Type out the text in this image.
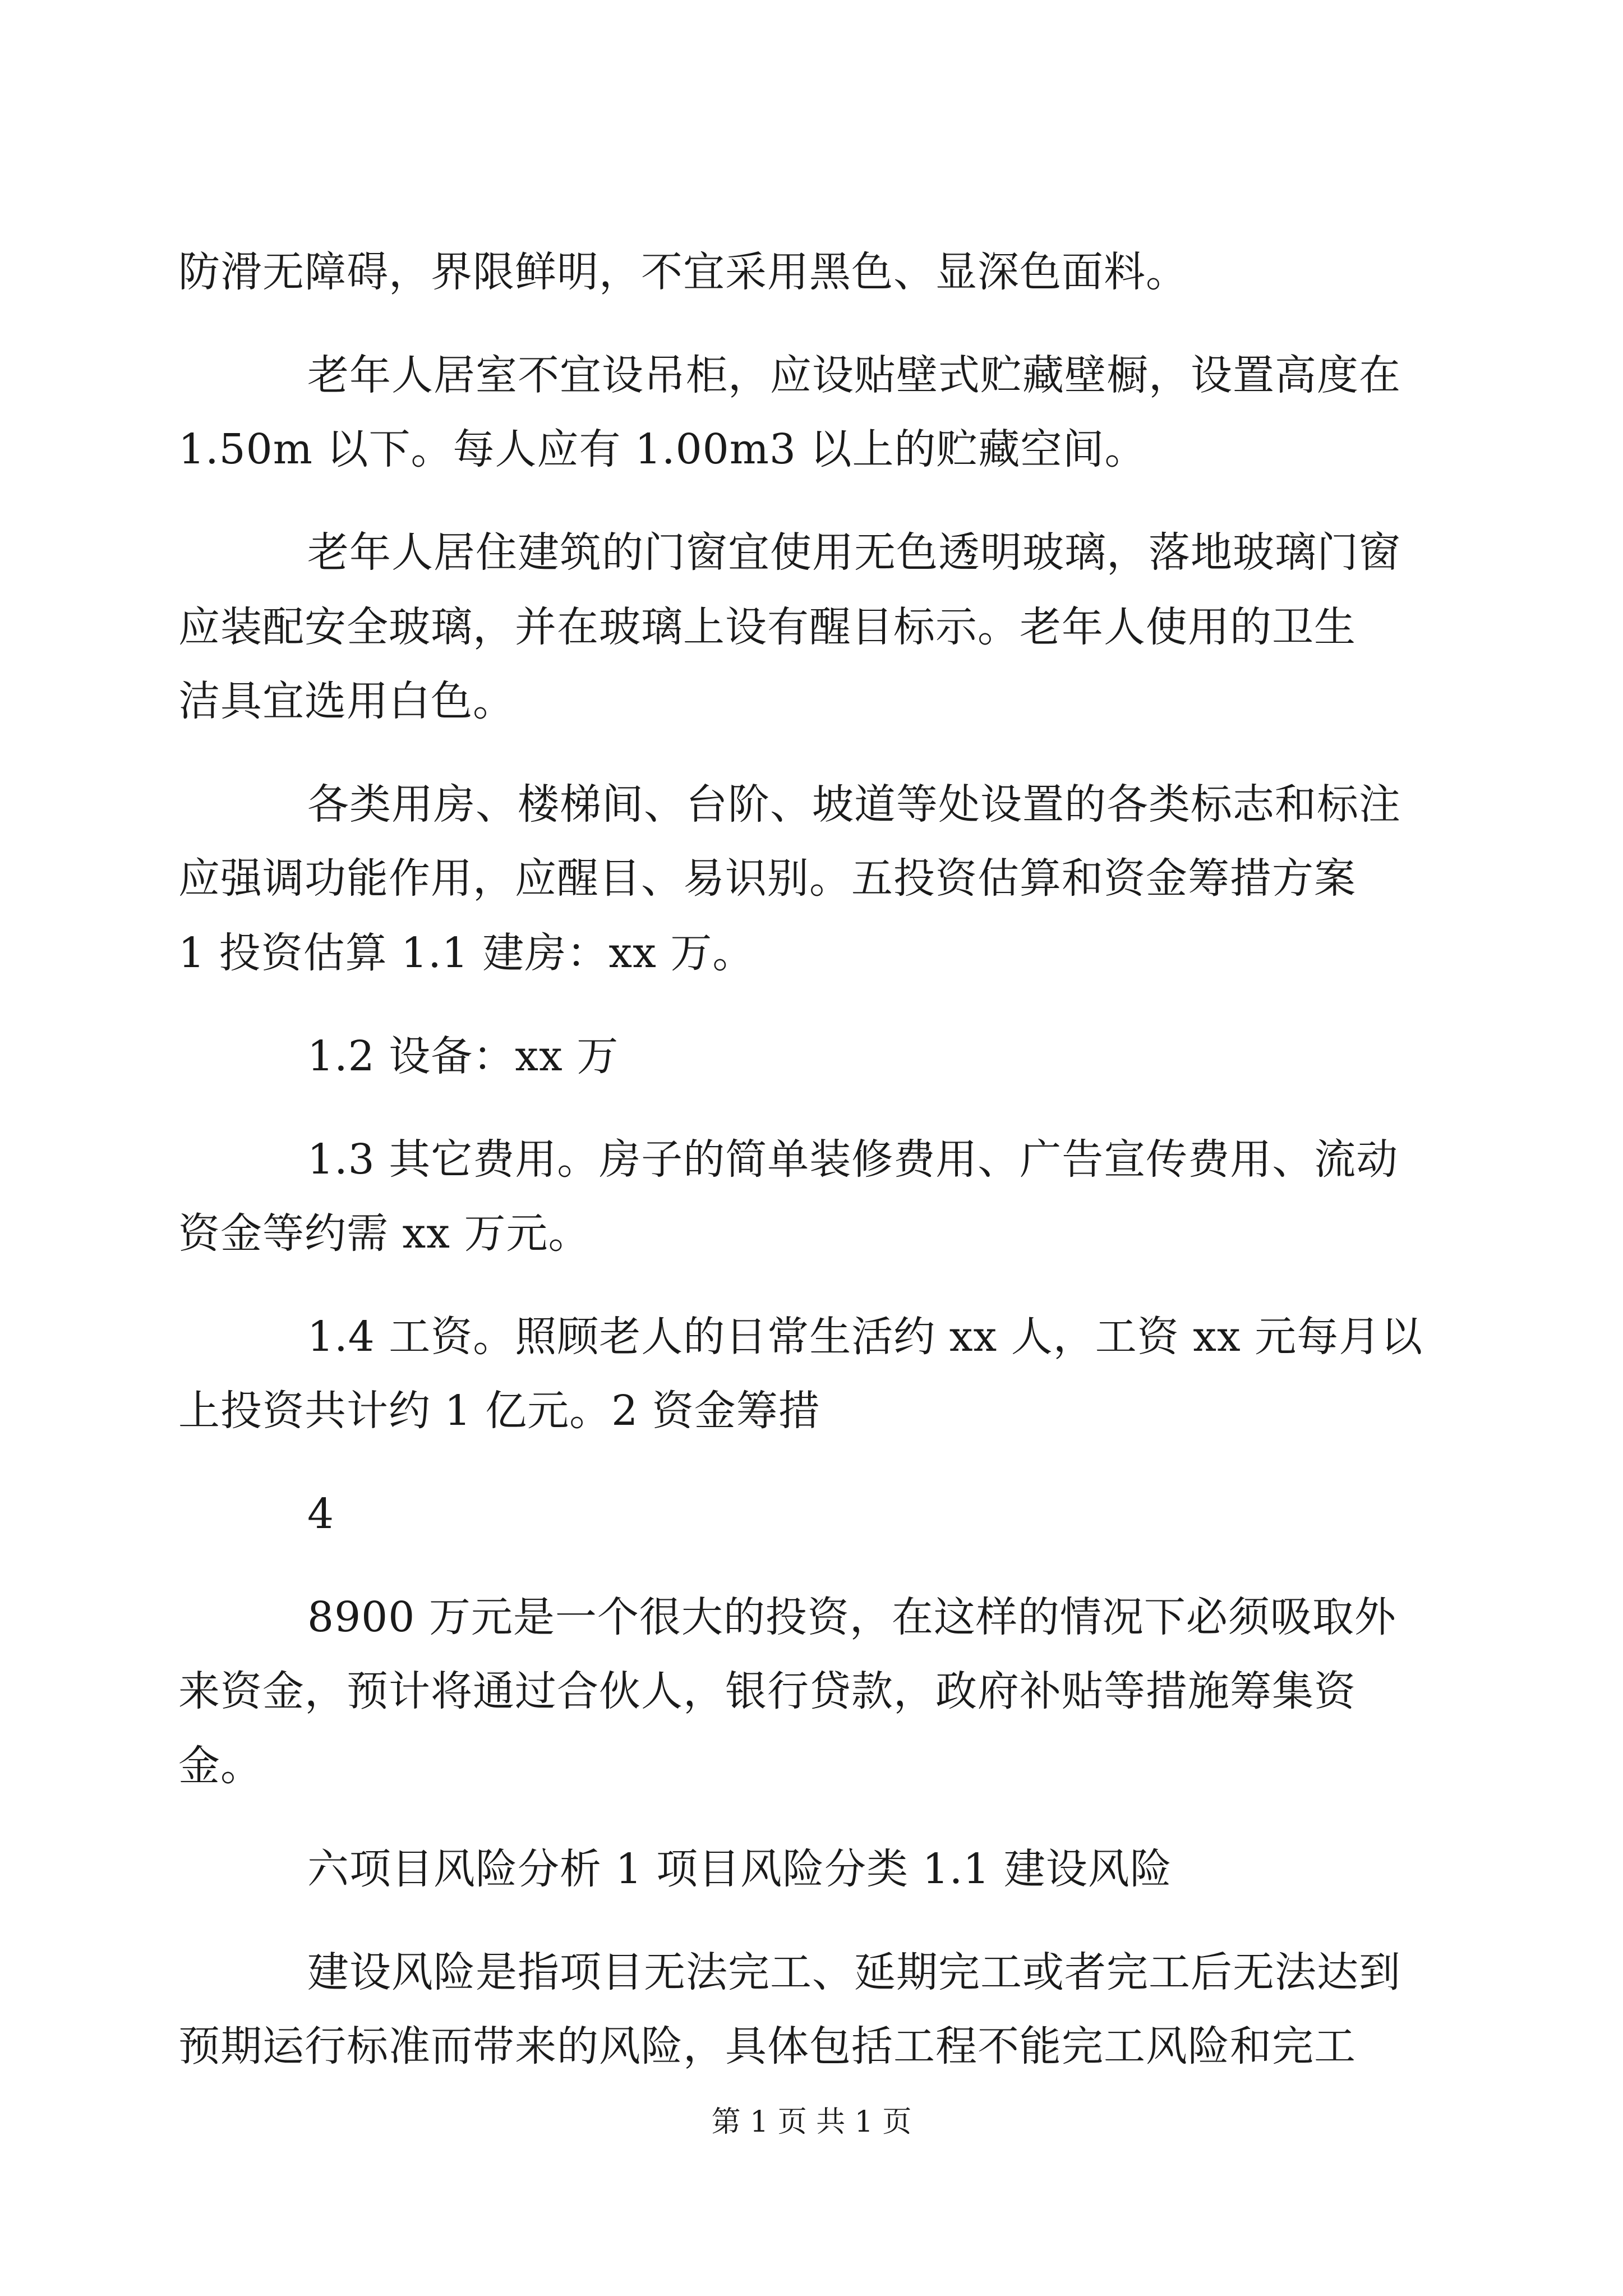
防滑无障碍，界限鲜明，不宜采用黑色、显深色面料。
老年人居室不宜设吊柜，应设贴壁式贮藏壁橱，设置高度在
1.50m 以下。每人应有 1.00m3 以上的贮藏空间。
老年人居住建筑的门窗宜使用无色透明玻璃，落地玻璃门窗
应装配安全玻璃，并在玻璃上设有醒目标示。老年人使用的卫生
洁具宜选用白色。
各类用房、楼梯间、台阶、坡道等处设置的各类标志和标注
应强调功能作用，应醒目、易识别。五投资估算和资金筹措方案
1 投资估算 1.1 建房：xx 万。
1.2 设备：xx 万
1.3 其它费用。房子的简单装修费用、广告宣传费用、流动
资金等约需 xx 万元。
1.4 工资。照顾老人的日常生活约 xx 人，工资 xx 元每月以
上投资共计约 1 亿元。2 资金筹措
4
8900 万元是一个很大的投资，在这样的情况下必须吸取外
来资金，预计将通过合伙人，银行贷款，政府补贴等措施筹集资
金。
六项目风险分析 1 项目风险分类 1.1 建设风险
建设风险是指项目无法完工、延期完工或者完工后无法达到
预期运行标准而带来的风险，具体包括工程不能完工风险和完工
第 1 页 共 1 页
